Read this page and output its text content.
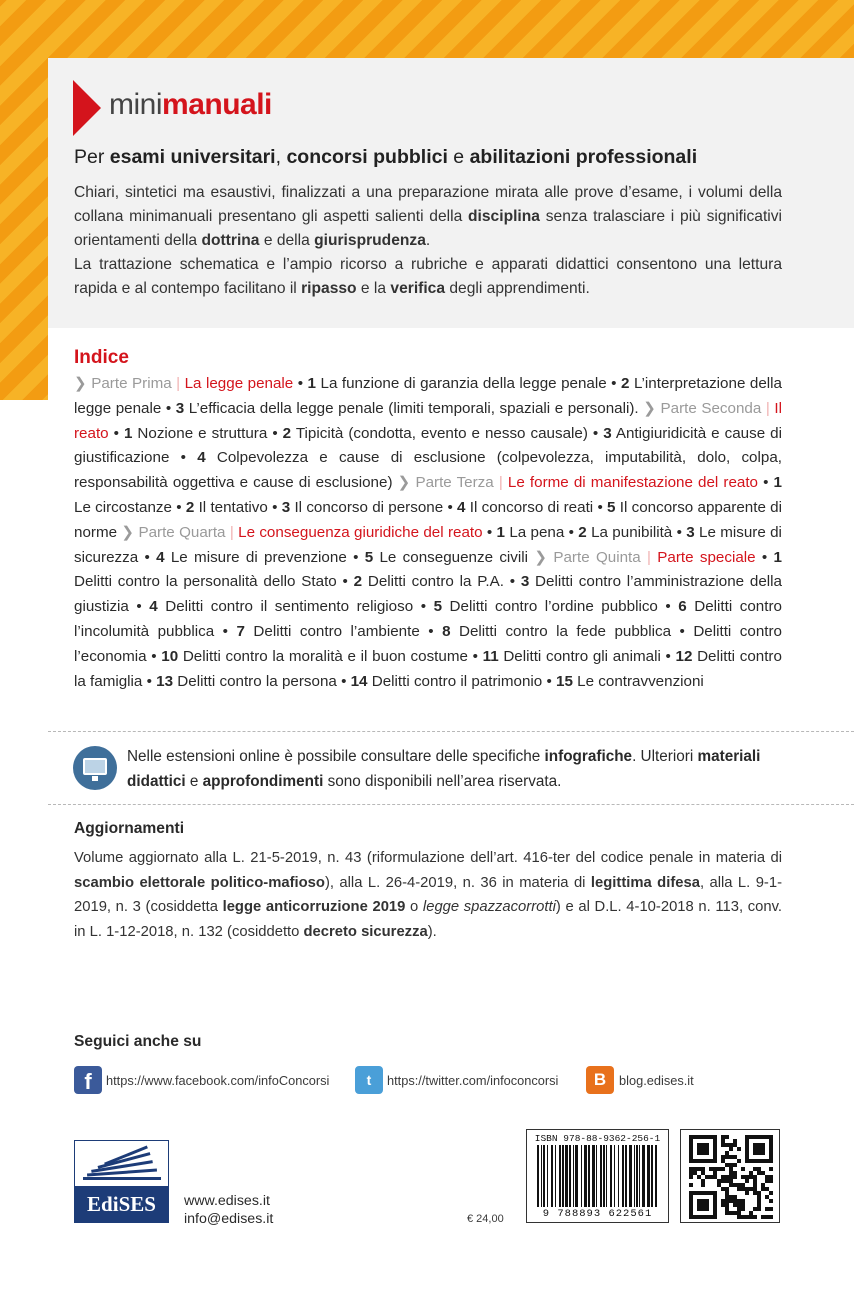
minimanuali
Per esami universitari, concorsi pubblici e abilitazioni professionali

Chiari, sintetici ma esaustivi, finalizzati a una preparazione mirata alle prove d’esame, i volumi della collana minimanuali presentano gli aspetti salienti della disciplina senza tralasciare i più significativi orientamenti della dottrina e della giurisprudenza.

La trattazione schematica e l’ampio ricorso a rubriche e apparati didattici consentono una lettura rapida e al contempo facilitano il ripasso e la verifica degli apprendimenti.

Indice
❯ Parte Prima | La legge penale • 1 La funzione di garanzia della legge penale • 2 L’interpretazione della legge penale • 3 L’efficacia della legge penale (limiti temporali, spaziali e personali). ❯ Parte Seconda | Il reato • 1 Nozione e struttura • 2 Tipicità (condotta, evento e nesso causale) • 3 Antigiuridicità e cause di giustificazione • 4 Colpevolezza e cause di esclusione (colpevolezza, imputabilità, dolo, colpa, responsabilità oggettiva e cause di esclusione) ❯ Parte Terza | Le forme di manifestazione del reato • 1 Le circostanze • 2 Il tentativo • 3 Il concorso di persone • 4 Il concorso di reati • 5 Il concorso apparente di norme ❯ Parte Quarta | Le conseguenza giuridiche del reato • 1 La pena • 2 La punibilità • 3 Le misure di sicurezza • 4 Le misure di prevenzione • 5 Le conseguenze civili ❯ Parte Quinta | Parte speciale • 1 Delitti contro la personalità dello Stato • 2 Delitti contro la P.A. • 3 Delitti contro l’amministrazione della giustizia • 4 Delitti contro il sentimento religioso • 5 Delitti contro l’ordine pubblico • 6 Delitti contro l’incolumità pubblica • 7 Delitti contro l’ambiente • 8 Delitti contro la fede pubblica • Delitti contro l’economia • 10 Delitti contro la moralità e il buon costume • 11 Delitti contro gli animali • 12 Delitti contro la famiglia • 13 Delitti contro la persona • 14 Delitti contro il patrimonio • 15 Le contravvenzioni
Nelle estensioni online è possibile consultare delle specifiche infografiche. Ulteriori materiali didattici e approfondimenti sono disponibili nell’area riservata.
Aggiornamenti
Volume aggiornato alla L. 21-5-2019, n. 43 (riformulazione dell’art. 416-ter del codice penale in materia di scambio elettorale politico-mafioso), alla L. 26-4-2019, n. 36 in materia di legittima difesa, alla L. 9-1-2019, n. 3 (cosiddetta legge anticorruzione 2019 o legge spazzacorrotti) e al D.L. 4-10-2018 n. 113, conv. in L. 1-12-2018, n. 132 (cosiddetto decreto sicurezza).
Seguici anche su
f	https://www.facebook.com/infoConcorsi	t	https://twitter.com/infoconcorsi	B	blog.edises.it
EdiSES	www.edises.it
info@edises.it	€ 24,00
ISBN 978-88-9362-256-1
9 788893 622561
